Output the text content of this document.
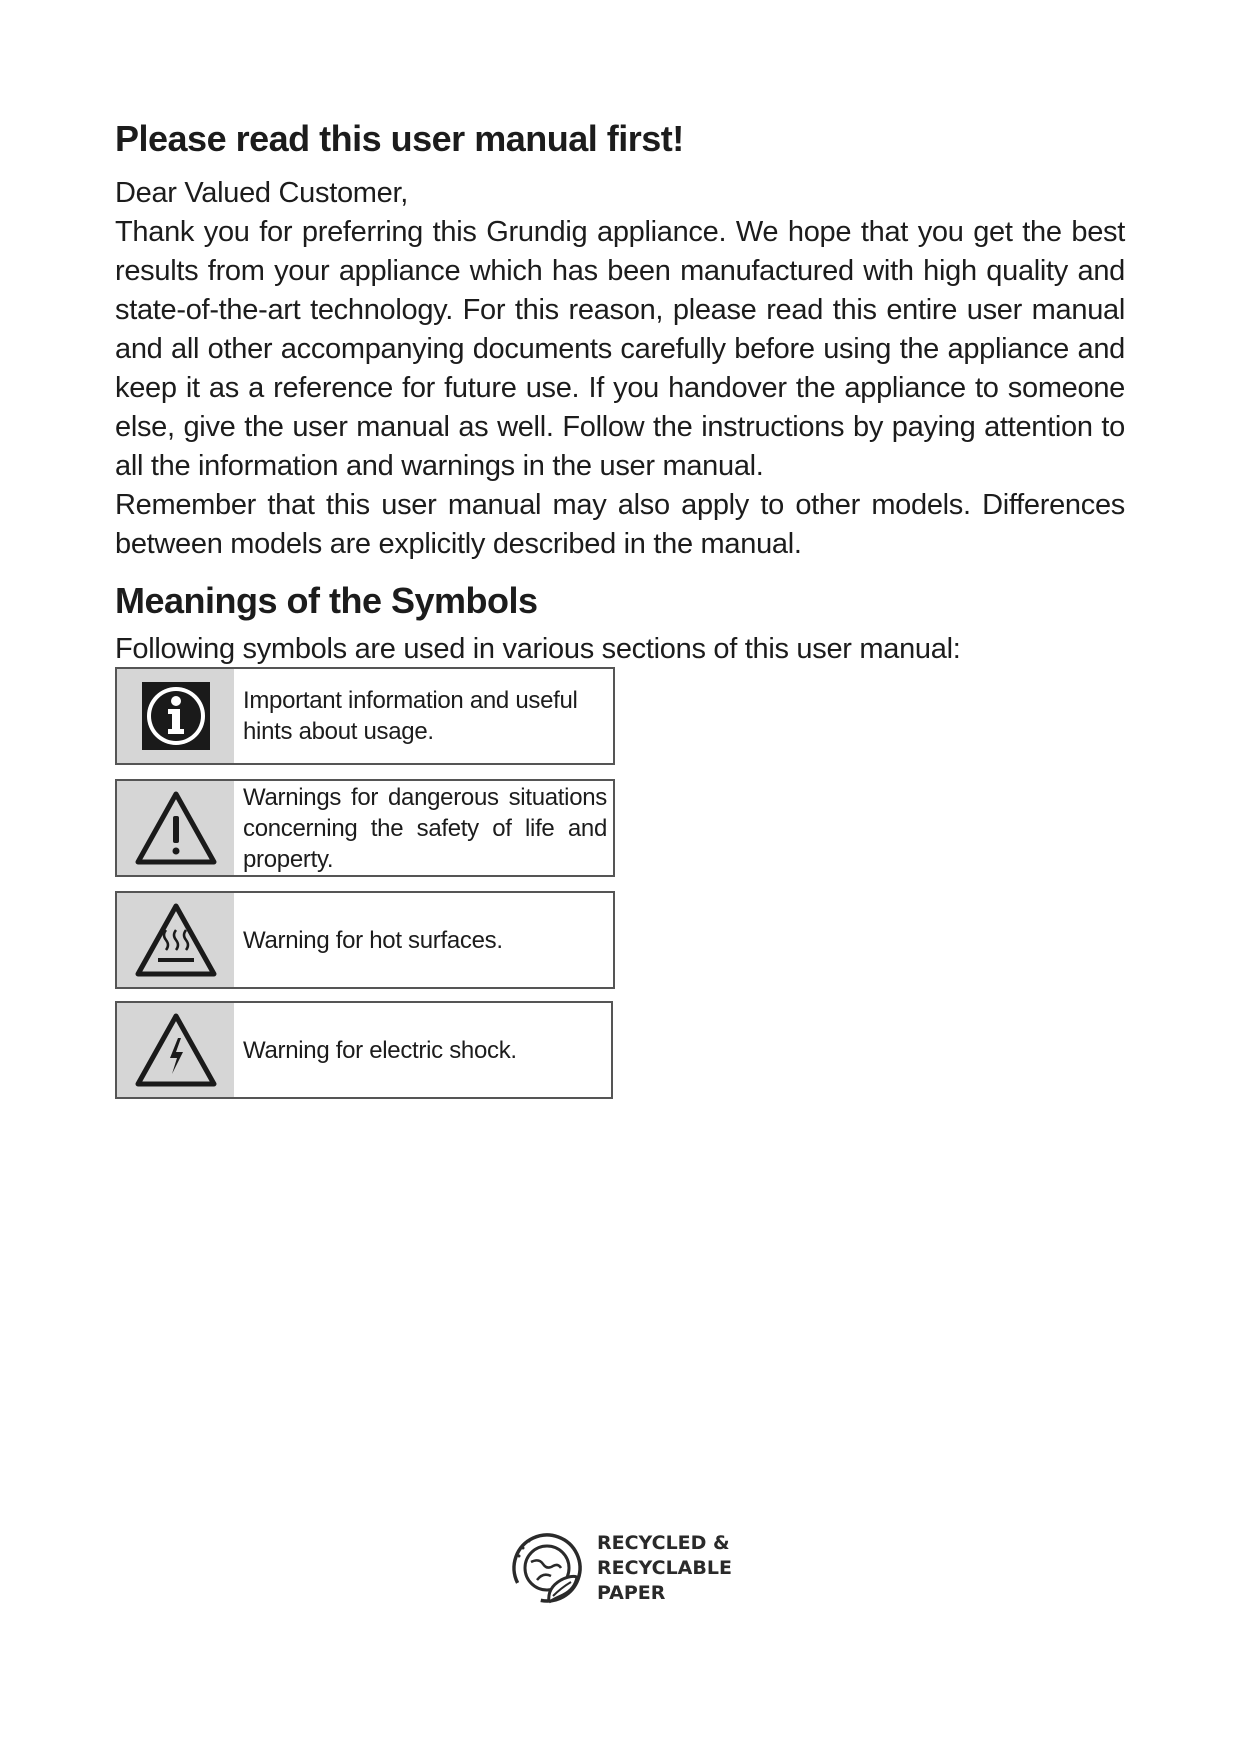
Please read this user manual first!

Dear Valued Customer,

Thank you for preferring this Grundig appliance. We hope that you get the best results from your appliance which has been manufactured with high quality and state-of-the-art technology. For this reason, please read this entire user manual and all other accompanying documents carefully before using the appliance and keep it as a reference for future use. If you handover the appliance to someone else, give the user manual as well. Follow the instructions by paying attention to all the information and warnings in the user manual.

Remember that this user manual may also apply to other models. Differences between models are explicitly described in the manual.

Meanings of the Symbols

Following symbols are used in various sections of this user manual:

Important information and useful hints about usage.
Warnings for dangerous situations concerning the safety of life and property.
Warning for hot surfaces.
Warning for electric shock.
RECYCLED &
RECYCLABLE
PAPER
